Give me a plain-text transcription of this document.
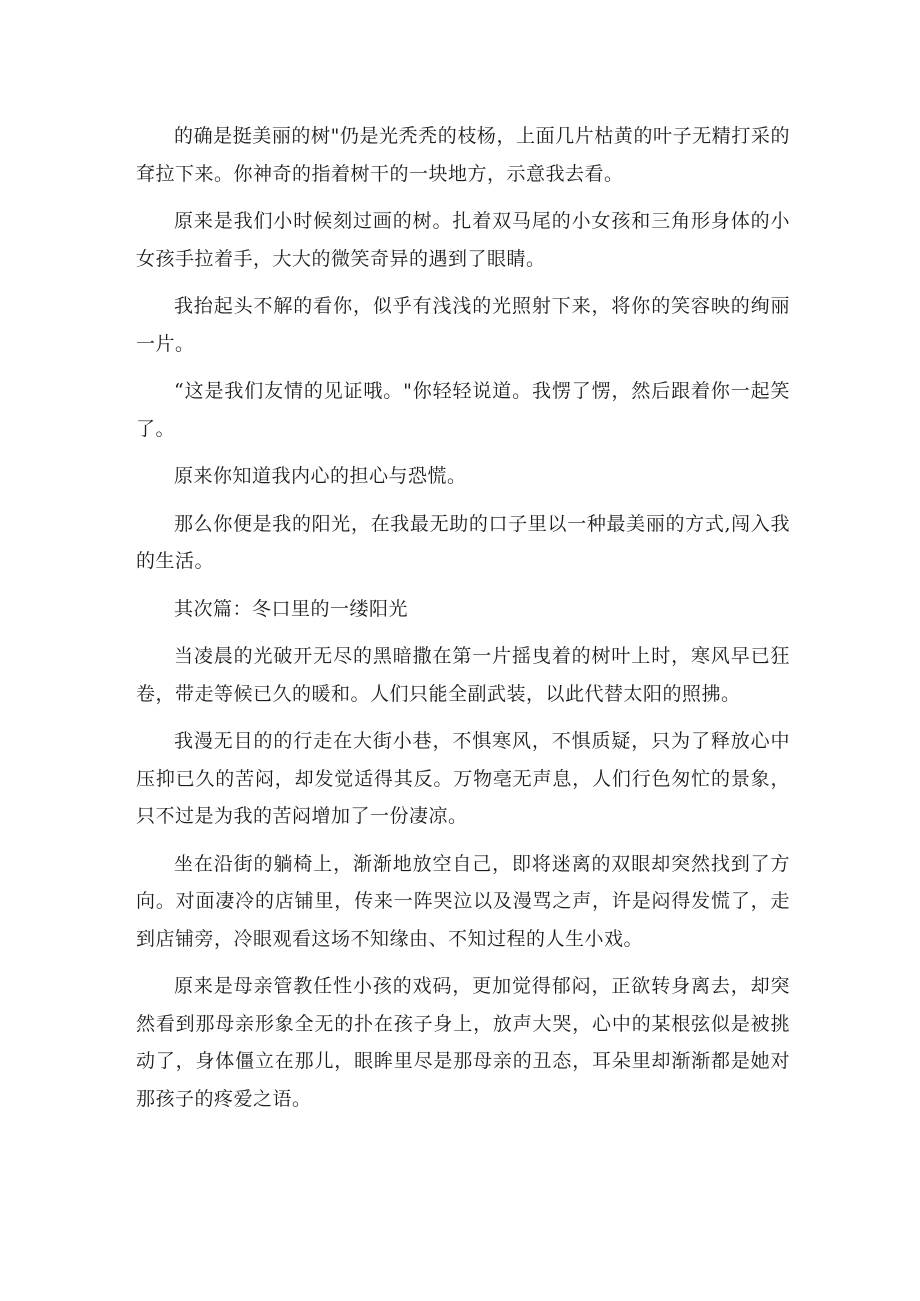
的确是挺美丽的树"仍是光秃秃的枝杨，上面几片枯黄的叶子无精打采的耷拉下来。你神奇的指着树干的一块地方，示意我去看。

原来是我们小时候刻过画的树。扎着双马尾的小女孩和三角形身体的小女孩手拉着手，大大的微笑奇异的遇到了眼睛。

我抬起头不解的看你，似乎有浅浅的光照射下来，将你的笑容映的绚丽一片。

“这是我们友情的见证哦。"你轻轻说道。我愣了愣，然后跟着你一起笑了。

原来你知道我内心的担心与恐慌。

那么你便是我的阳光，在我最无助的口子里以一种最美丽的方式,闯入我的生活。

其次篇：冬口里的一缕阳光

当凌晨的光破开无尽的黑暗撒在第一片摇曳着的树叶上时，寒风早已狂卷，带走等候已久的暖和。人们只能全副武装，以此代替太阳的照拂。

我漫无目的的行走在大街小巷，不惧寒风，不惧质疑，只为了释放心中压抑已久的苦闷，却发觉适得其反。万物亳无声息，人们行色匆忙的景象，只不过是为我的苦闷增加了一份凄凉。

坐在沿街的躺椅上，渐渐地放空自己，即将迷离的双眼却突然找到了方向。对面凄冷的店铺里，传来一阵哭泣以及漫骂之声，许是闷得发慌了，走到店铺旁，冷眼观看这场不知缘由、不知过程的人生小戏。

原来是母亲管教任性小孩的戏码，更加觉得郁闷，正欲转身离去，却突然看到那母亲形象全无的扑在孩子身上，放声大哭，心中的某根弦似是被挑动了，身体僵立在那儿，眼眸里尽是那母亲的丑态，耳朵里却渐渐都是她对那孩子的疼爱之语。
